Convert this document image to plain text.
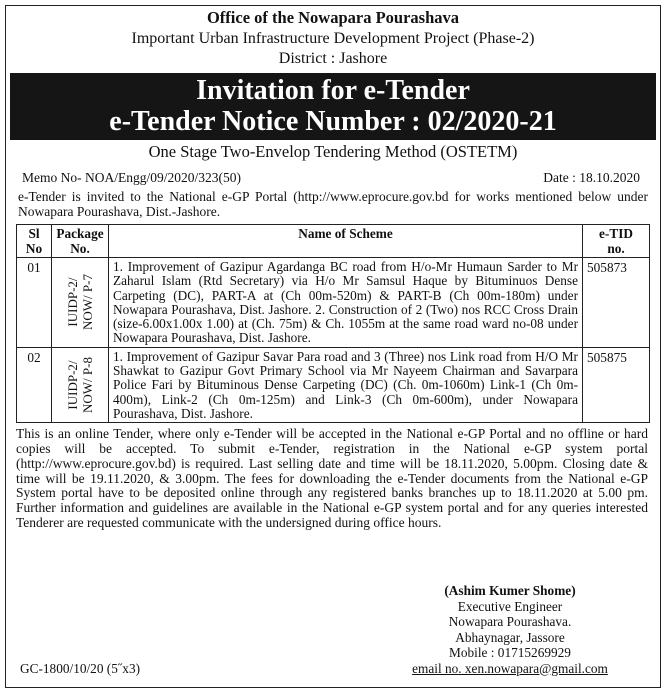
Office of the Nowapara Pourashava
Important Urban Infrastructure Development Project (Phase-2)
District : Jashore
Invitation for e-Tender
e-Tender Notice Number : 02/2020-21
One Stage Two-Envelop Tendering Method (OSTETM)
Memo No- NOA/Engg/09/2020/323(50)	Date : 18.10.2020
e-Tender is invited to the National e-GP Portal (http://www.eprocure.gov.bd for works mentioned below under Nowapara Pourashava, Dist.-Jashore.
Sl No	Package No.	Name of Scheme	e-TID no.

01	IUIDP-2/ NOW/ P-7	1. Improvement of Gazipur Agardanga BC road from H/o-Mr Humaun Sarder to Mr Zaharul Islam (Rtd Secretary) via H/o Mr Samsul Haque by Bituminuos Dense Carpeting (DC), PART-A at (Ch 00m-520m) & PART-B (Ch 00m-180m) under Nowapara Pourashava, Dist. Jashore. 2. Construction of 2 (Two) nos RCC Cross Drain (size-6.00x1.00x 1.00) at (Ch. 75m) & Ch. 1055m at the same road ward no-08 under Nowapara Pourashava, Dist. Jashore.	505873
02	IUIDP-2/ NOW/ P-8	1. Improvement of Gazipur Savar Para road and 3 (Three) nos Link road from H/O Mr Shawkat to Gazipur Govt Primary School via Mr Nayeem Chairman and Savarpara Police Fari by Bituminous Dense Carpeting (DC) (Ch. 0m-1060m) Link-1 (Ch 0m-400m), Link-2 (Ch 0m-125m) and Link-3 (Ch 0m-600m), under Nowapara Pourashava, Dist. Jashore.	505875
This is an online Tender, where only e-Tender will be accepted in the National e-GP Portal and no offline or hard copies will be accepted. To submit e-Tender, registration in the National e-GP system portal (http://www.eprocure.gov.bd) is required. Last selling date and time will be 18.11.2020, 5.00pm. Closing date & time will be 19.11.2020, & 3.00pm. The fees for downloading the e-Tender documents from the National e-GP System portal have to be deposited online through any registered banks branches up to 18.11.2020 at 5.00 pm. Further information and guidelines are available in the National e-GP system portal and for any queries interested Tenderer are requested communicate with the undersigned during office hours.
(Ashim Kumer Shome)
Executive Engineer
Nowapara Pourashava.
Abhaynagar, Jassore
Mobile : 01715269929
email no. xen.nowapara@gmail.com
GC-1800/10/20 (5˝x3)
